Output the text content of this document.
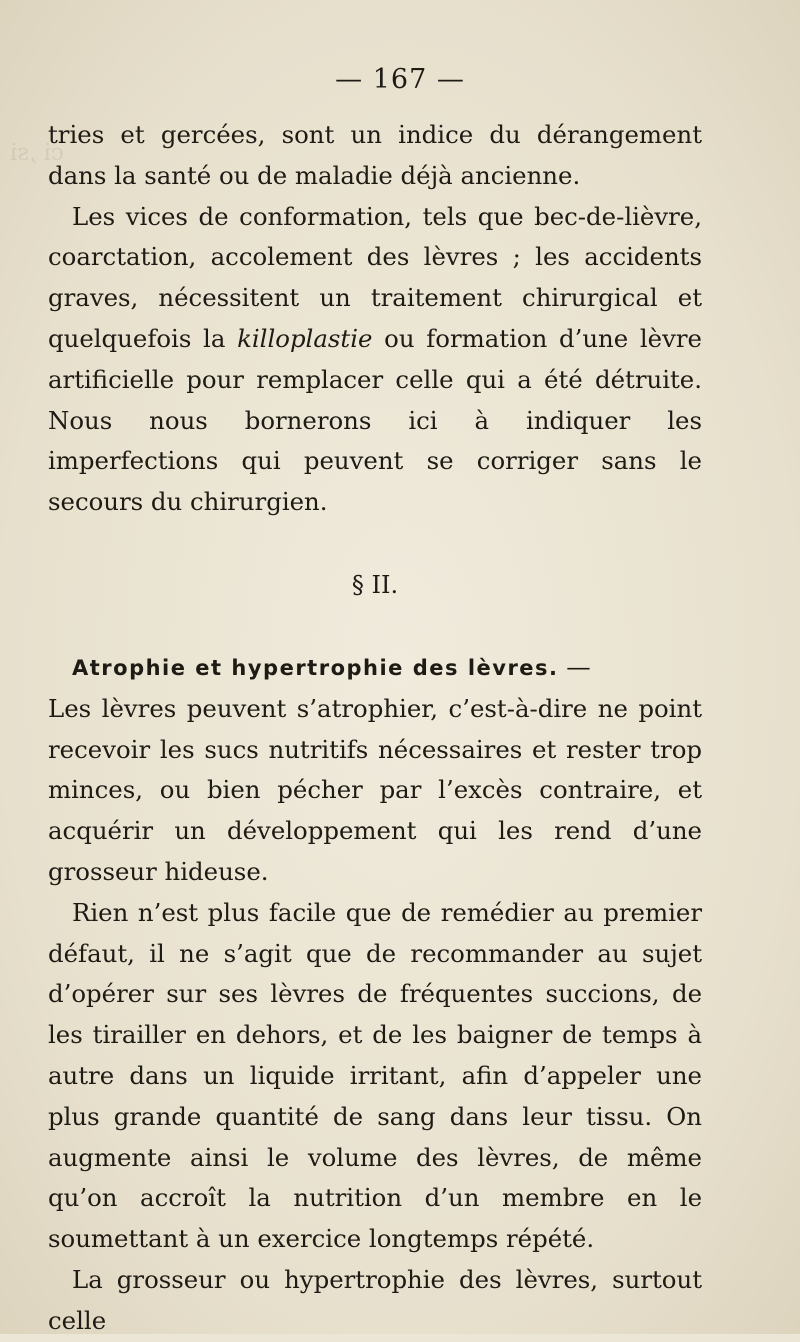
ci ,si
— 167 —

tries et gercées, sont un indice du dérangement dans la santé ou de maladie déjà ancienne.

Les vices de conformation, tels que bec-de-lièvre, coarctation, accolement des lèvres ; les accidents graves, nécessitent un traitement chirurgical et quelquefois la killoplastie ou formation d’une lèvre artificielle pour remplacer celle qui a été détruite. Nous nous bornerons ici à indiquer les imperfections qui peuvent se corriger sans le secours du chirurgien.

§ II.

Atrophie et hypertrophie des lèvres. —

Les lèvres peuvent s’atrophier, c’est-à-dire ne point recevoir les sucs nutritifs nécessaires et rester trop minces, ou bien pécher par l’excès contraire, et acquérir un développement qui les rend d’une grosseur hideuse.

Rien n’est plus facile que de remédier au premier défaut, il ne s’agit que de recommander au sujet d’opérer sur ses lèvres de fréquentes succions, de les tirailler en dehors, et de les baigner de temps à autre dans un liquide irritant, afin d’appeler une plus grande quantité de sang dans leur tissu. On augmente ainsi le volume des lèvres, de même qu’on accroît la nutrition d’un membre en le soumettant à un exercice longtemps répété.

La grosseur ou hypertrophie des lèvres, surtout celle
